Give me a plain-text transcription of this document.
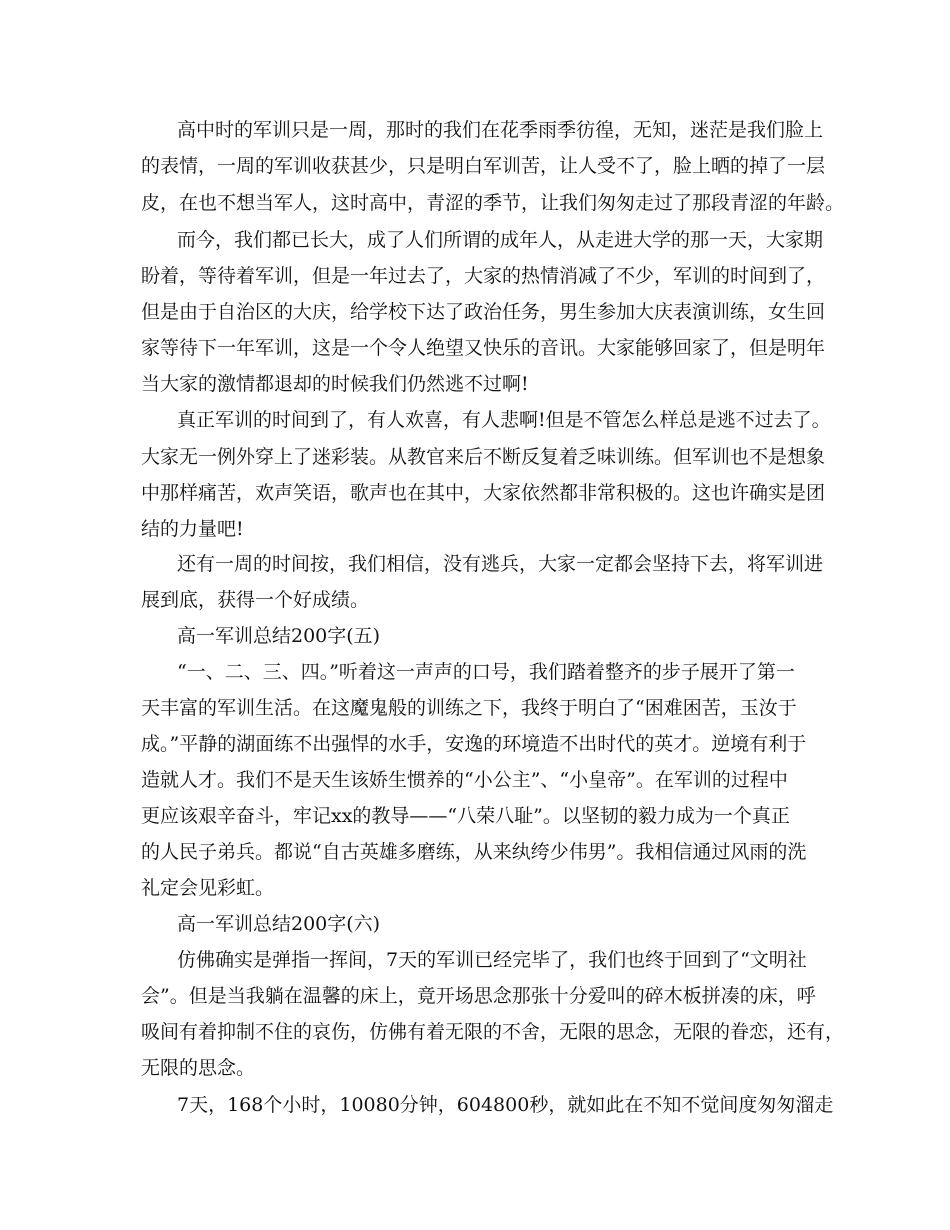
高中时的军训只是一周，那时的我们在花季雨季彷徨，无知，迷茫是我们脸上
的表情，一周的军训收获甚少，只是明白军训苦，让人受不了，脸上晒的掉了一层
皮，在也不想当军人，这时高中，青涩的季节，让我们匆匆走过了那段青涩的年龄。
而今，我们都已长大，成了人们所谓的成年人，从走进大学的那一天，大家期
盼着，等待着军训，但是一年过去了，大家的热情消减了不少，军训的时间到了，
但是由于自治区的大庆，给学校下达了政治任务，男生参加大庆表演训练，女生回
家等待下一年军训，这是一个令人绝望又快乐的音讯。大家能够回家了，但是明年
当大家的激情都退却的时候我们仍然逃不过啊!
真正军训的时间到了，有人欢喜，有人悲啊!但是不管怎么样总是逃不过去了。
大家无一例外穿上了迷彩装。从教官来后不断反复着乏味训练。但军训也不是想象
中那样痛苦，欢声笑语，歌声也在其中，大家依然都非常积极的。这也许确实是团
结的力量吧!
还有一周的时间按，我们相信，没有逃兵，大家一定都会坚持下去，将军训进
展到底，获得一个好成绩。
高一军训总结200字(五)
“一、二、三、四。”听着这一声声的口号，我们踏着整齐的步子展开了第一
天丰富的军训生活。在这魔鬼般的训练之下，我终于明白了“困难困苦，玉汝于
成。”平静的湖面练不出强悍的水手，安逸的环境造不出时代的英才。逆境有利于
造就人才。我们不是天生该娇生惯养的“小公主”、“小皇帝”。在军训的过程中
更应该艰辛奋斗，牢记xx的教导——“八荣八耻”。以坚韧的毅力成为一个真正
的人民子弟兵。都说“自古英雄多磨练，从来纨绔少伟男”。我相信通过风雨的洗
礼定会见彩虹。
高一军训总结200字(六)
仿佛确实是弹指一挥间，7天的军训已经完毕了，我们也终于回到了“文明社
会”。但是当我躺在温馨的床上，竟开场思念那张十分爱叫的碎木板拼凑的床，呼
吸间有着抑制不住的哀伤，仿佛有着无限的不舍，无限的思念，无限的眷恋，还有，
无限的思念。
7天，168个小时，10080分钟，604800秒，就如此在不知不觉间度匆匆溜走
